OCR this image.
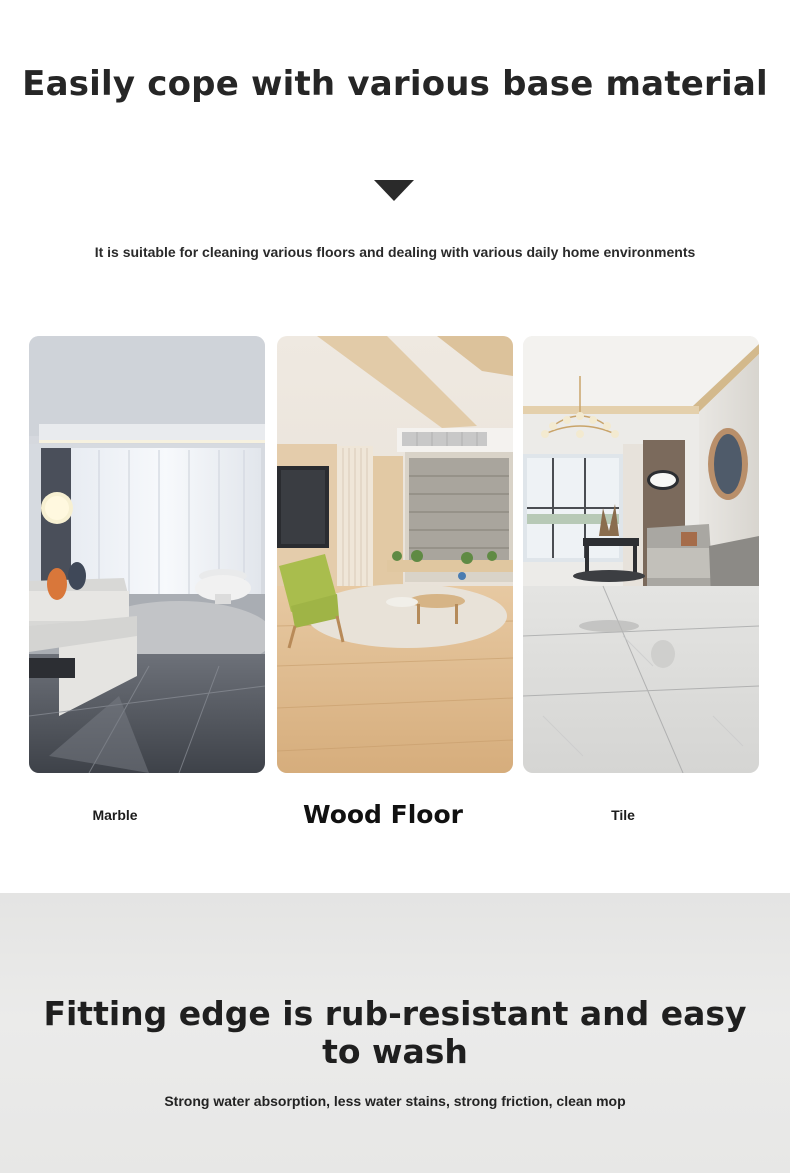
Easily cope with various base material

It is suitable for cleaning various floors and dealing with various daily home environments

Marble	Wood Floor	Tile
Fitting edge is rub-resistant and easy to wash

Strong water absorption, less water stains, strong friction, clean mop
